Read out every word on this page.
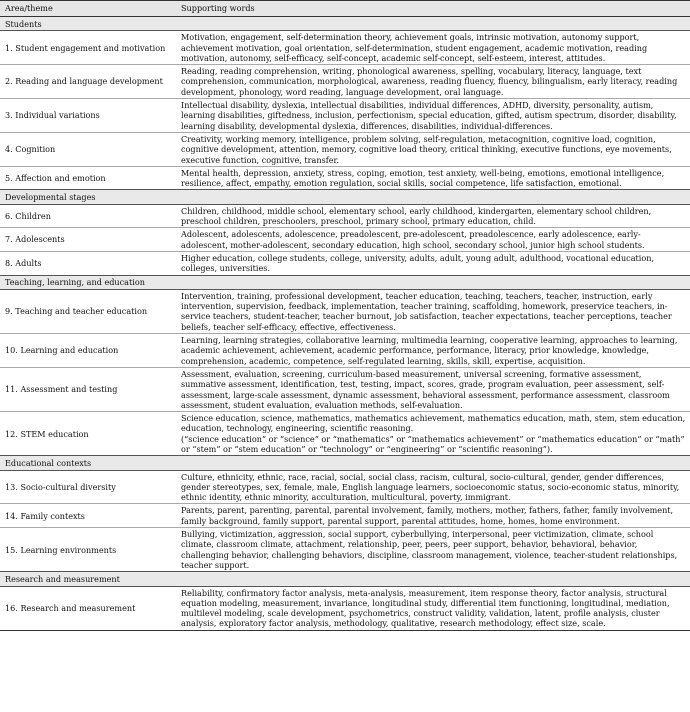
Area/theme	Supporting words
Students	
1. Student engagement and motivation	Motivation, engagement, self-determination theory, achievement goals, intrinsic motivation, autonomy support, achievement motivation, goal orientation, self-determination, student engagement, academic motivation, reading motivation, autonomy, self-efficacy, self-concept, academic self-concept, self-esteem, interest, attitudes.

2. Reading and language development	Reading, reading comprehension, writing, phonological awareness, spelling, vocabulary, literacy, language, text comprehension, communication, morphological, awareness, reading fluency, fluency, bilingualism, early literacy, reading development, phonology, word reading, language development, oral language.

3. Individual variations	Intellectual disability, dyslexia, intellectual disabilities, individual differences, ADHD, diversity, personality, autism, learning disabilities, giftedness, inclusion, perfectionism, special education, gifted, autism spectrum, disorder, disability, learning disability, developmental dyslexia, differences, disabilities, individual-differences.

4. Cognition	Creativity, working memory, intelligence, problem solving, self-regulation, metacognition, cognitive load, cognition, cognitive development, attention, memory, cognitive load theory, critical thinking, executive functions, eye movements, executive function, cognitive, transfer.

5. Affection and emotion	Mental health, depression, anxiety, stress, coping, emotion, test anxiety, well-being, emotions, emotional intelligence, resilience, affect, empathy, emotion regulation, social skills, social competence, life satisfaction, emotional.

Developmental stages	
6. Children	Children, childhood, middle school, elementary school, early childhood, kindergarten, elementary school children, preschool children, preschoolers, preschool, primary school, primary education, child.

7. Adolescents	Adolescent, adolescents, adolescence, preadolescent, pre-adolescent, preadolescence, early adolescence, early-adolescent, mother-adolescent, secondary education, high school, secondary school, junior high school students.

8. Adults	Higher education, college students, college, university, adults, adult, young adult, adulthood, vocational education, colleges, universities.

Teaching, learning, and education	
9. Teaching and teacher education	Intervention, training, professional development, teacher education, teaching, teachers, teacher, instruction, early intervention, supervision, feedback, implementation, teacher training, scaffolding, homework, preservice teachers, in-service teachers, student-teacher, teacher burnout, job satisfaction, teacher expectations, teacher perceptions, teacher beliefs, teacher self-efficacy, effective, effectiveness.

10. Learning and education	Learning, learning strategies, collaborative learning, multimedia learning, cooperative learning, approaches to learning, academic achievement, achievement, academic performance, performance, literacy, prior knowledge, knowledge, comprehension, academic, competence, self-regulated learning, skills, skill, expertise, acquisition.

11. Assessment and testing	Assessment, evaluation, screening, curriculum-based measurement, universal screening, formative assessment, summative assessment, identification, test, testing, impact, scores, grade, program evaluation, peer assessment, self-assessment, large-scale assessment, dynamic assessment, behavioral assessment, performance assessment, classroom assessment, student evaluation, evaluation methods, self-evaluation.

12. STEM education	Science education, science, mathematics, mathematics achievement, mathematics education, math, stem, stem education, education, technology, engineering, scientific reasoning.
(“science education” or “science” or “mathematics” or “mathematics achievement” or “mathematics education” or “math” or “stem” or “stem education” or “technology” or “engineering” or “scientific reasoning”).

Educational contexts	
13. Socio-cultural diversity	Culture, ethnicity, ethnic, race, racial, social, social class, racism, cultural, socio-cultural, gender, gender differences, gender stereotypes, sex, female, male, English language learners, socioeconomic status, socio-economic status, minority, ethnic identity, ethnic minority, acculturation, multicultural, poverty, immigrant.

14. Family contexts	Parents, parent, parenting, parental, parental involvement, family, mothers, mother, fathers, father, family involvement, family background, family support, parental support, parental attitudes, home, homes, home environment.

15. Learning environments	Bullying, victimization, aggression, social support, cyberbullying, interpersonal, peer victimization, climate, school climate, classroom climate, attachment, relationship, peer, peers, peer support, behavior, behavioral, behavior, challenging behavior, challenging behaviors, discipline, classroom management, violence, teacher-student relationships, teacher support.

Research and measurement	
16. Research and measurement	Reliability, confirmatory factor analysis, meta-analysis, measurement, item response theory, factor analysis, structural equation modeling, measurement, invariance, longitudinal study, differential item functioning, longitudinal, mediation, multilevel modeling, scale development, psychometrics, construct validity, validation, latent, profile analysis, cluster analysis, exploratory factor analysis, methodology, qualitative, research methodology, effect size, scale.
